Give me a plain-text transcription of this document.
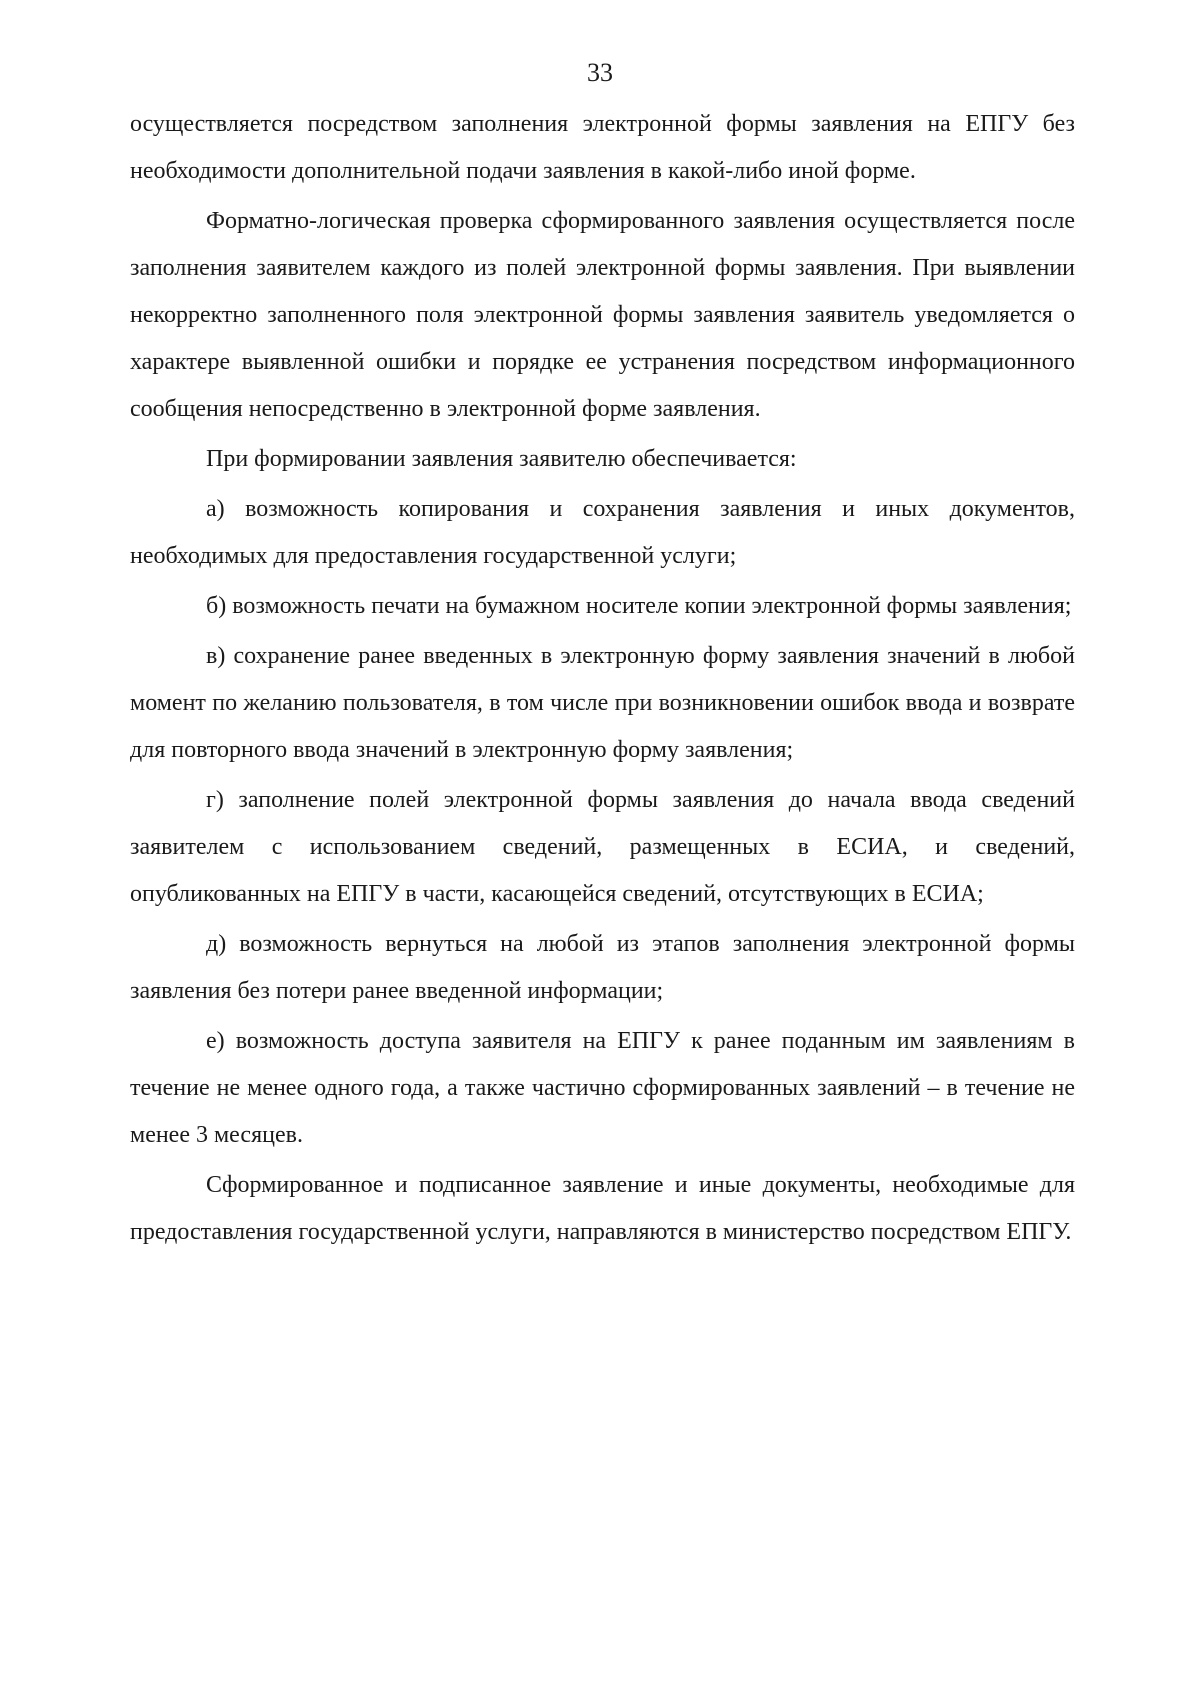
33

осуществляется посредством заполнения электронной формы заявления на ЕПГУ без необходимости дополнительной подачи заявления в какой-либо иной форме.

Форматно-логическая проверка сформированного заявления осуществляется после заполнения заявителем каждого из полей электронной формы заявления. При выявлении некорректно заполненного поля электронной формы заявления заявитель уведомляется о характере выявленной ошибки и порядке ее устранения посредством информационного сообщения непосредственно в электронной форме заявления.

При формировании заявления заявителю обеспечивается:

а) возможность копирования и сохранения заявления и иных документов, необходимых для предоставления государственной услуги;

б) возможность печати на бумажном носителе копии электронной формы заявления;

в) сохранение ранее введенных в электронную форму заявления значений в любой момент по желанию пользователя, в том числе при возникновении ошибок ввода и возврате для повторного ввода значений в электронную форму заявления;

г) заполнение полей электронной формы заявления до начала ввода сведений заявителем с использованием сведений, размещенных в ЕСИА, и сведений, опубликованных на ЕПГУ в части, касающейся сведений, отсутствующих в ЕСИА;

д) возможность вернуться на любой из этапов заполнения электронной формы заявления без потери ранее введенной информации;

е) возможность доступа заявителя на ЕПГУ к ранее поданным им заявлениям в течение не менее одного года, а также частично сформированных заявлений – в течение не менее 3 месяцев.

Сформированное и подписанное заявление и иные документы, необходимые для предоставления государственной услуги, направляются в министерство посредством ЕПГУ.
